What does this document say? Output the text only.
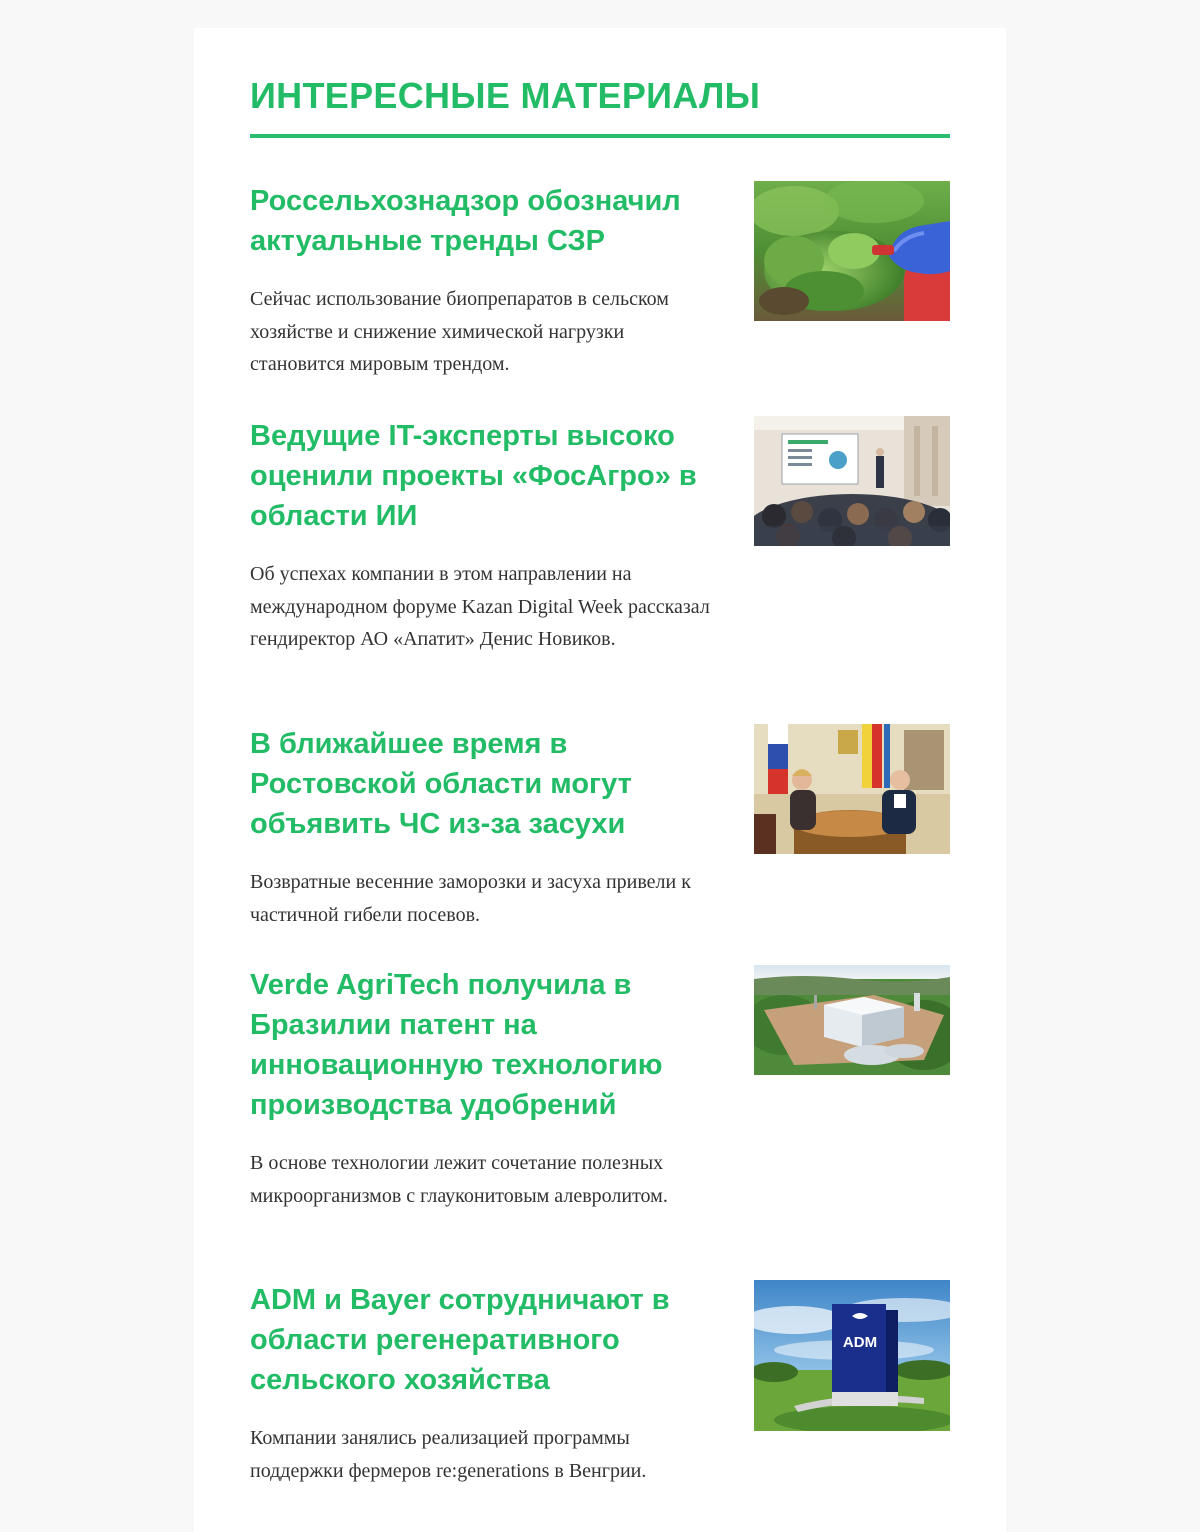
ИНТЕРЕСНЫЕ МАТЕРИАЛЫ
Россельхознадзор обозначил актуальные тренды СЗР

Сейчас использование биопрепаратов в сельском хозяйстве и снижение химической нагрузки становится мировым трендом.

Ведущие IT-эксперты высоко оценили проекты «ФосАгро» в области ИИ

Об успехах компании в этом направлении на международном форуме Kazan Digital Week рассказал гендиректор АО «Апатит» Денис Новиков.

В ближайшее время в Ростовской области могут объявить ЧС из-за засухи

Возвратные весенние заморозки и засуха привели к частичной гибели посевов.

Verde AgriTech получила в Бразилии патент на инновационную технологию производства удобрений

В основе технологии лежит сочетание полезных микроорганизмов с глауконитовым алевролитом.

ADM и Bayer сотрудничают в области регенеративного сельского хозяйства

Компании занялись реализацией программы поддержки фермеров re:generations в Венгрии.

ADM
